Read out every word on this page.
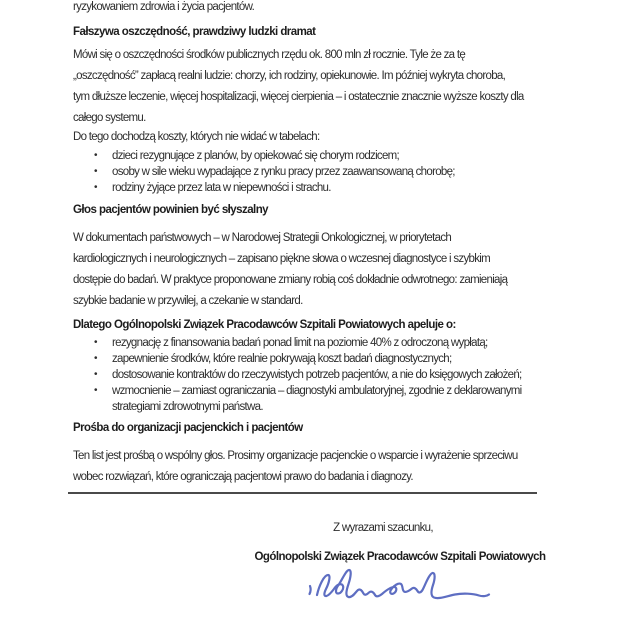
ryzykowaniem zdrowia i życia pacjentów.
Fałszywa oszczędność, prawdziwy ludzki dramat
Mówi się o oszczędności środków publicznych rzędu ok. 800 mln zł rocznie. Tyle że za tę
„oszczędność” zapłacą realni ludzie: chorzy, ich rodziny, opiekunowie. Im później wykryta choroba,
tym dłuższe leczenie, więcej hospitalizacji, więcej cierpienia – i ostatecznie znacznie wyższe koszty dla
całego systemu.
Do tego dochodzą koszty, których nie widać w tabelach:
•	dzieci rezygnujące z planów, by opiekować się chorym rodzicem;
•	osoby w sile wieku wypadające z rynku pracy przez zaawansowaną chorobę;
•	rodziny żyjące przez lata w niepewności i strachu.
Głos pacjentów powinien być słyszalny
W dokumentach państwowych – w Narodowej Strategii Onkologicznej, w priorytetach
kardiologicznych i neurologicznych – zapisano piękne słowa o wczesnej diagnostyce i szybkim
dostępie do badań. W praktyce proponowane zmiany robią coś dokładnie odwrotnego: zamieniają
szybkie badanie w przywilej, a czekanie w standard.
Dlatego Ogólnopolski Związek Pracodawców Szpitali Powiatowych apeluje o:
•	rezygnację z finansowania badań ponad limit na poziomie 40% z odroczoną wypłatą;
•	zapewnienie środków, które realnie pokrywają koszt badań diagnostycznych;
•	dostosowanie kontraktów do rzeczywistych potrzeb pacjentów, a nie do księgowych założeń;
•	wzmocnienie – zamiast ograniczania – diagnostyki ambulatoryjnej, zgodnie z deklarowanymi
strategiami zdrowotnymi państwa.
Prośba do organizacji pacjenckich i pacjentów
Ten list jest prośbą o wspólny głos. Prosimy organizacje pacjenckie o wsparcie i wyrażenie sprzeciwu
wobec rozwiązań, które ograniczają pacjentowi prawo do badania i diagnozy.
Z wyrazami szacunku,
Ogólnopolski Związek Pracodawców Szpitali Powiatowych
